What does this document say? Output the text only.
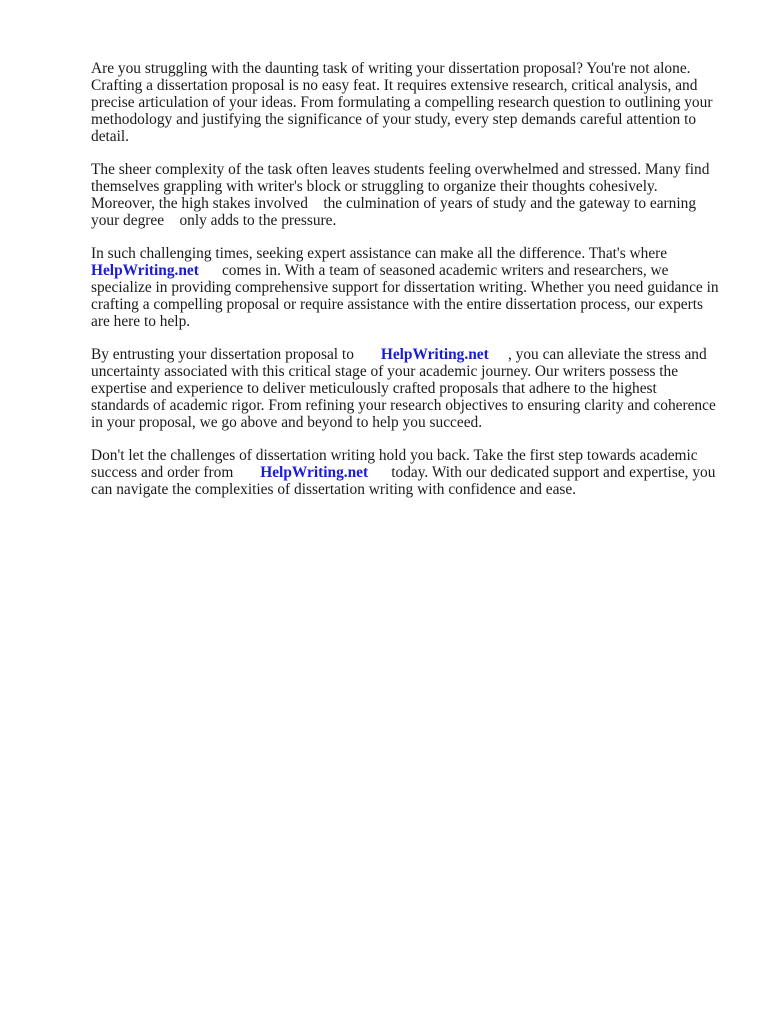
Are you struggling with the daunting task of writing your dissertation proposal? You're not alone.
Crafting a dissertation proposal is no easy feat. It requires extensive research, critical analysis, and
precise articulation of your ideas. From formulating a compelling research question to outlining your
methodology and justifying the significance of your study, every step demands careful attention to
detail.
The sheer complexity of the task often leaves students feeling overwhelmed and stressed. Many find
themselves grappling with writer's block or struggling to organize their thoughts cohesively.
Moreover, the high stakes involved    the culmination of years of study and the gateway to earning
your degree    only adds to the pressure.
In such challenging times, seeking expert assistance can make all the difference. That's where
HelpWriting.net      comes in. With a team of seasoned academic writers and researchers, we
specialize in providing comprehensive support for dissertation writing. Whether you need guidance in
crafting a compelling proposal or require assistance with the entire dissertation process, our experts
are here to help.
By entrusting your dissertation proposal to       HelpWriting.net     , you can alleviate the stress and
uncertainty associated with this critical stage of your academic journey. Our writers possess the
expertise and experience to deliver meticulously crafted proposals that adhere to the highest
standards of academic rigor. From refining your research objectives to ensuring clarity and coherence
in your proposal, we go above and beyond to help you succeed.
Don't let the challenges of dissertation writing hold you back. Take the first step towards academic
success and order from       HelpWriting.net      today. With our dedicated support and expertise, you
can navigate the complexities of dissertation writing with confidence and ease.
